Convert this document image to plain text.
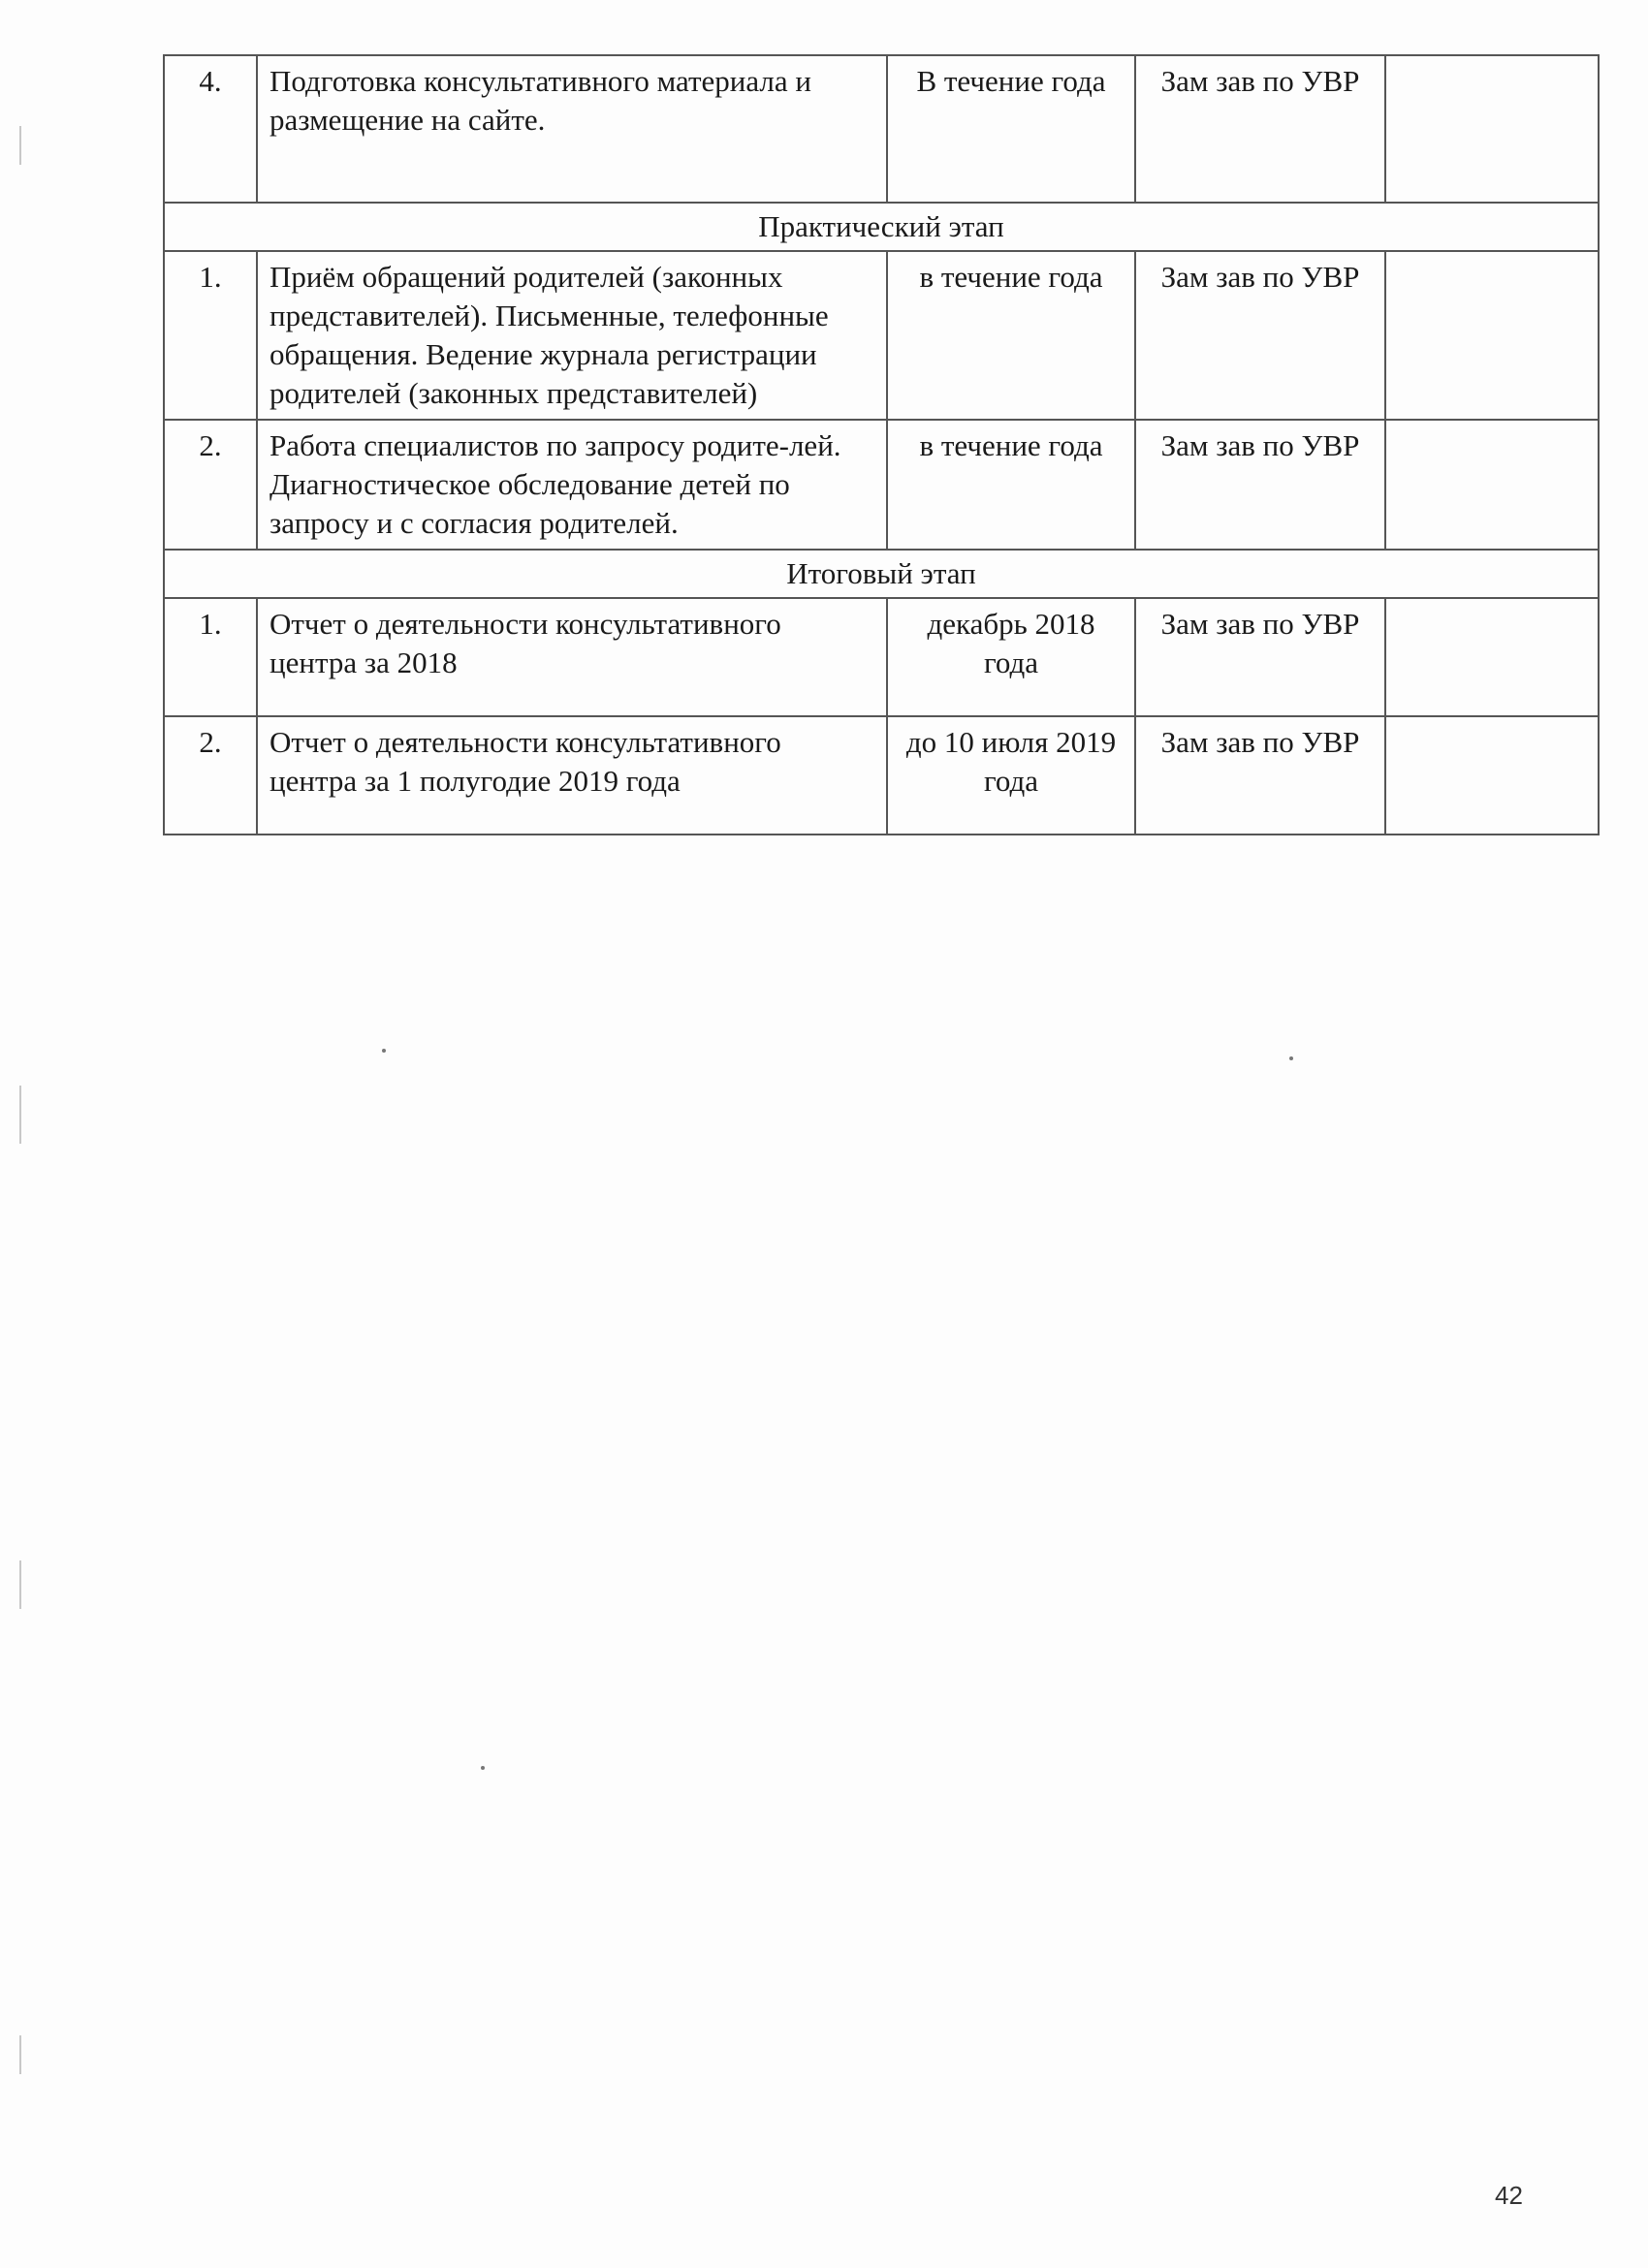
4.	Подготовка консультативного материала и размещение на сайте.	В течение года	Зам зав по УВР	
Практический этап				
1.	Приём обращений родителей (законных представителей). Письменные, телефонные обращения. Ведение журнала регистрации родителей (законных представителей)	в течение года	Зам зав по УВР	
2.	Работа специалистов по запросу родите-лей. Диагностическое обследование детей по запросу и с согласия родителей.	в течение года	Зам зав по УВР	
Итоговый этап				
1.	Отчет о деятельности консультативного центра за 2018	декабрь 2018 года	Зам зав по УВР	
2.	Отчет о деятельности консультативного центра за 1 полугодие 2019 года	до 10 июля 2019 года	Зам зав по УВР	
42
